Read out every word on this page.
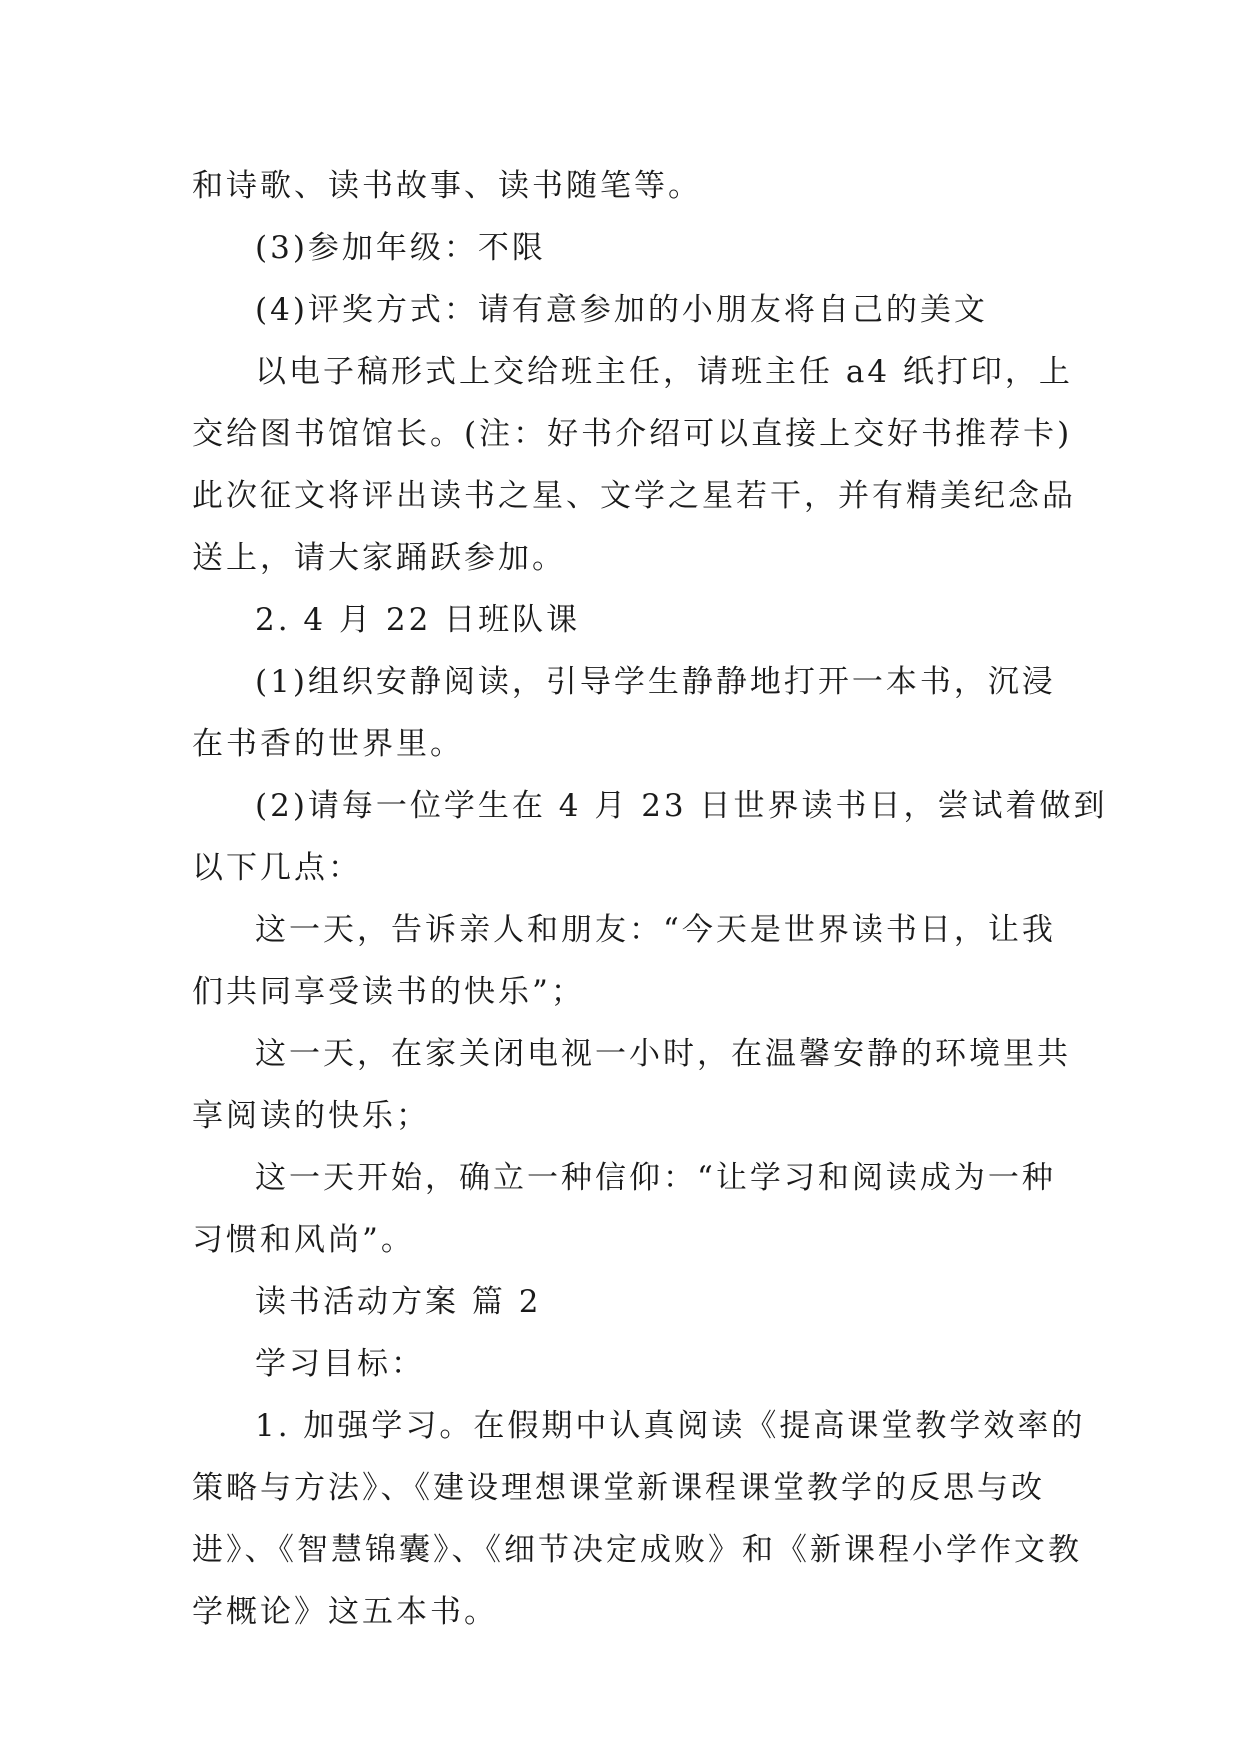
和诗歌、读书故事、读书随笔等。
(3)参加年级：不限
(4)评奖方式：请有意参加的小朋友将自己的美文
以电子稿形式上交给班主任，请班主任 a4 纸打印，上
交给图书馆馆长。(注：好书介绍可以直接上交好书推荐卡)
此次征文将评出读书之星、文学之星若干，并有精美纪念品
送上，请大家踊跃参加。
2. 4 月 22 日班队课
(1)组织安静阅读，引导学生静静地打开一本书，沉浸
在书香的世界里。
(2)请每一位学生在 4 月 23 日世界读书日，尝试着做到
以下几点：
这一天，告诉亲人和朋友：“今天是世界读书日，让我
们共同享受读书的快乐”；
这一天，在家关闭电视一小时，在温馨安静的环境里共
享阅读的快乐；
这一天开始，确立一种信仰：“让学习和阅读成为一种
习惯和风尚”。
读书活动方案 篇 2
学习目标：
1. 加强学习。在假期中认真阅读《提高课堂教学效率的
策略与方法》、《建设理想课堂新课程课堂教学的反思与改
进》、《智慧锦囊》、《细节决定成败》和《新课程小学作文教
学概论》这五本书。
